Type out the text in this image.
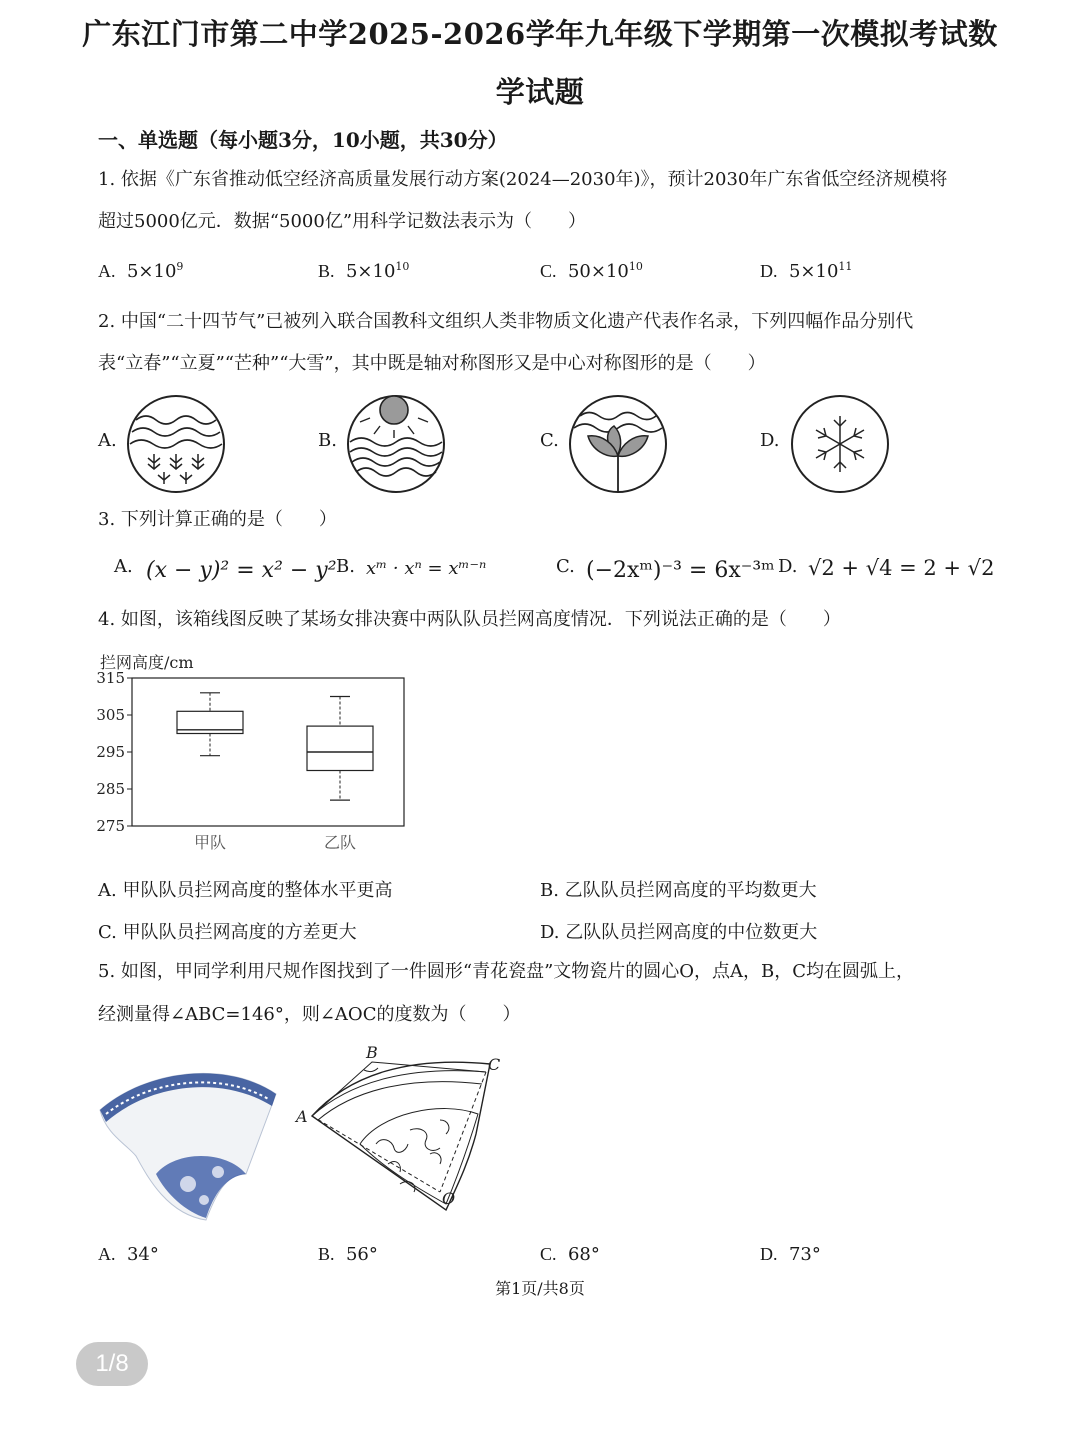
广东江门市第二中学2025-2026学年九年级下学期第一次模拟考试数
学试题
一、单选题（每小题3分，10小题，共30分）
1. 依据《广东省推动低空经济高质量发展行动方案(2024—2030年)》，预计2030年广东省低空经济规模将
超过5000亿元．数据“5000亿”用科学记数法表示为（　　）
A. $5\times 10^9$	B. $5\times 10^{10}$	C. $50\times 10^{10}$	D. $5\times 10^{11}$
2. 中国“二十四节气”已被列入联合国教科文组织人类非物质文化遗产代表作名录，下列四幅作品分别代
表“立春”“立夏”“芒种”“大雪”，其中既是轴对称图形又是中心对称图形的是（　　）
A.	B.	C.	D.
3. 下列计算正确的是（　　）
A. (x − y)² = x² − y² B. xᵐ · xⁿ = xᵐ⁻ⁿ	C. (−2xᵐ)⁻³ = 6x⁻³ᵐ D. √2 + √4 = 2 + √2
4. 如图，该箱线图反映了某场女排决赛中两队队员拦网高度情况．下列说法正确的是（　　）
拦网高度/cm
275
285
295
305
315
甲队	乙队
A. 甲队队员拦网高度的整体水平更高	B. 乙队队员拦网高度的平均数更大
C. 甲队队员拦网高度的方差更大	D. 乙队队员拦网高度的中位数更大
5. 如图，甲同学利用尺规作图找到了一件圆形“青花瓷盘”文物瓷片的圆心O，点A，B，C均在圆弧上，
经测量得∠ABC=146°，则∠AOC的度数为（　　）
B
C
A
O
A. 34°	B. 56°	C. 68°	D. 73°
第1页/共8页
1/8
